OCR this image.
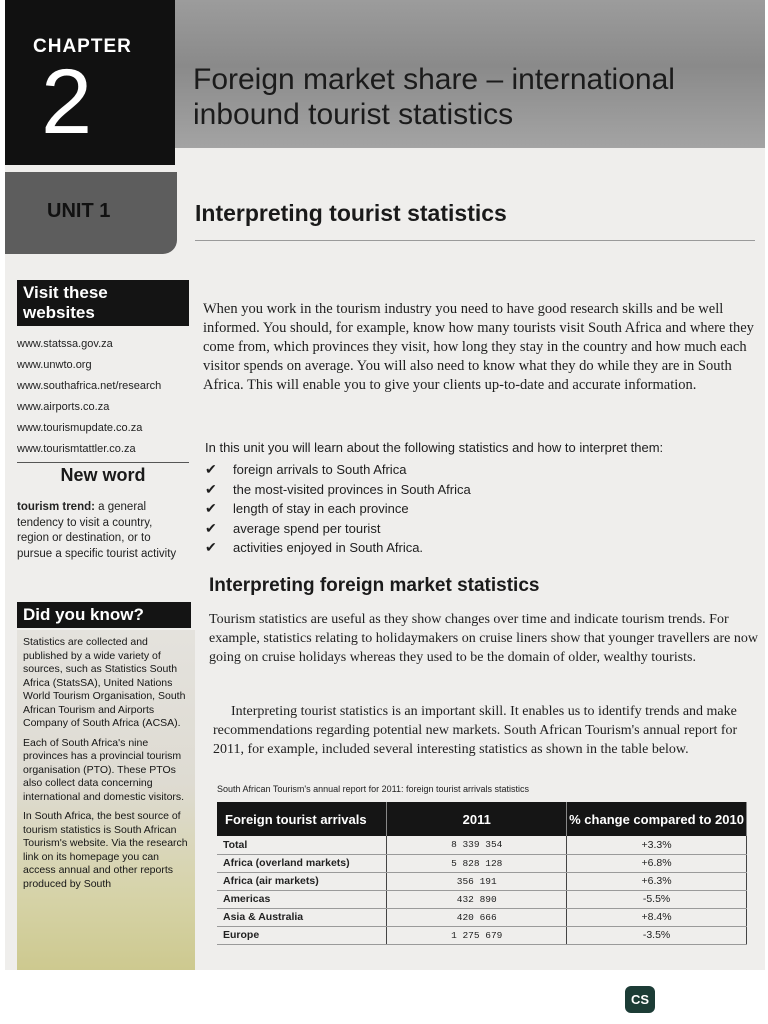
CHAPTER
2	Foreign market share – international inbound tourist statistics
UNIT 1	Interpreting tourist statistics
Visit these websites
www.statssa.gov.za
www.unwto.org
www.southafrica.net/research
www.airports.co.za
www.tourismupdate.co.za
www.tourismtattler.co.za
New word
tourism trend: a general tendency to visit a country, region or destination, or to pursue a specific tourist activity
Did you know?

Statistics are collected and published by a wide variety of sources, such as Statistics South Africa (StatsSA), United Nations World Tourism Organisation, South African Tourism and Airports Company of South Africa (ACSA).

Each of South Africa's nine provinces has a provincial tourism organisation (PTO). These PTOs also collect data concerning international and domestic visitors.

In South Africa, the best source of tourism statistics is South African Tourism's website. Via the research link on its homepage you can access annual and other reports produced by South

When you work in the tourism industry you need to have good research skills and be well informed. You should, for example, know how many tourists visit South Africa and where they come from, which provinces they visit, how long they stay in the country and how much each visitor spends on average. You will also need to know what they do while they are in South Africa. This will enable you to give your clients up-to-date and accurate information.

In this unit you will learn about the following statistics and how to interpret them:

✔	foreign arrivals to South Africa
✔	the most-visited provinces in South Africa
✔	length of stay in each province
✔	average spend per tourist
✔	activities enjoyed in South Africa.
Interpreting foreign market statistics

Tourism statistics are useful as they show changes over time and indicate tourism trends. For example, statistics relating to holidaymakers on cruise liners show that younger travellers are now going on cruise holidays whereas they used to be the domain of older, wealthy tourists.

Interpreting tourist statistics is an important skill. It enables us to identify trends and make recommendations regarding potential new markets. South African Tourism's annual report for 2011, for example, included several interesting statistics as shown in the table below.

South African Tourism's annual report for 2011: foreign tourist arrivals statistics

Foreign tourist arrivals	2011	% change compared to 2010
Total	8 339 354	+3.3%
Africa (overland markets)	5 828 128	+6.8%
Africa (air markets)	356 191	+6.3%
Americas	432 890	-5.5%
Asia & Australia	420 666	+8.4%
Europe	1 275 679	-3.5%
CS
